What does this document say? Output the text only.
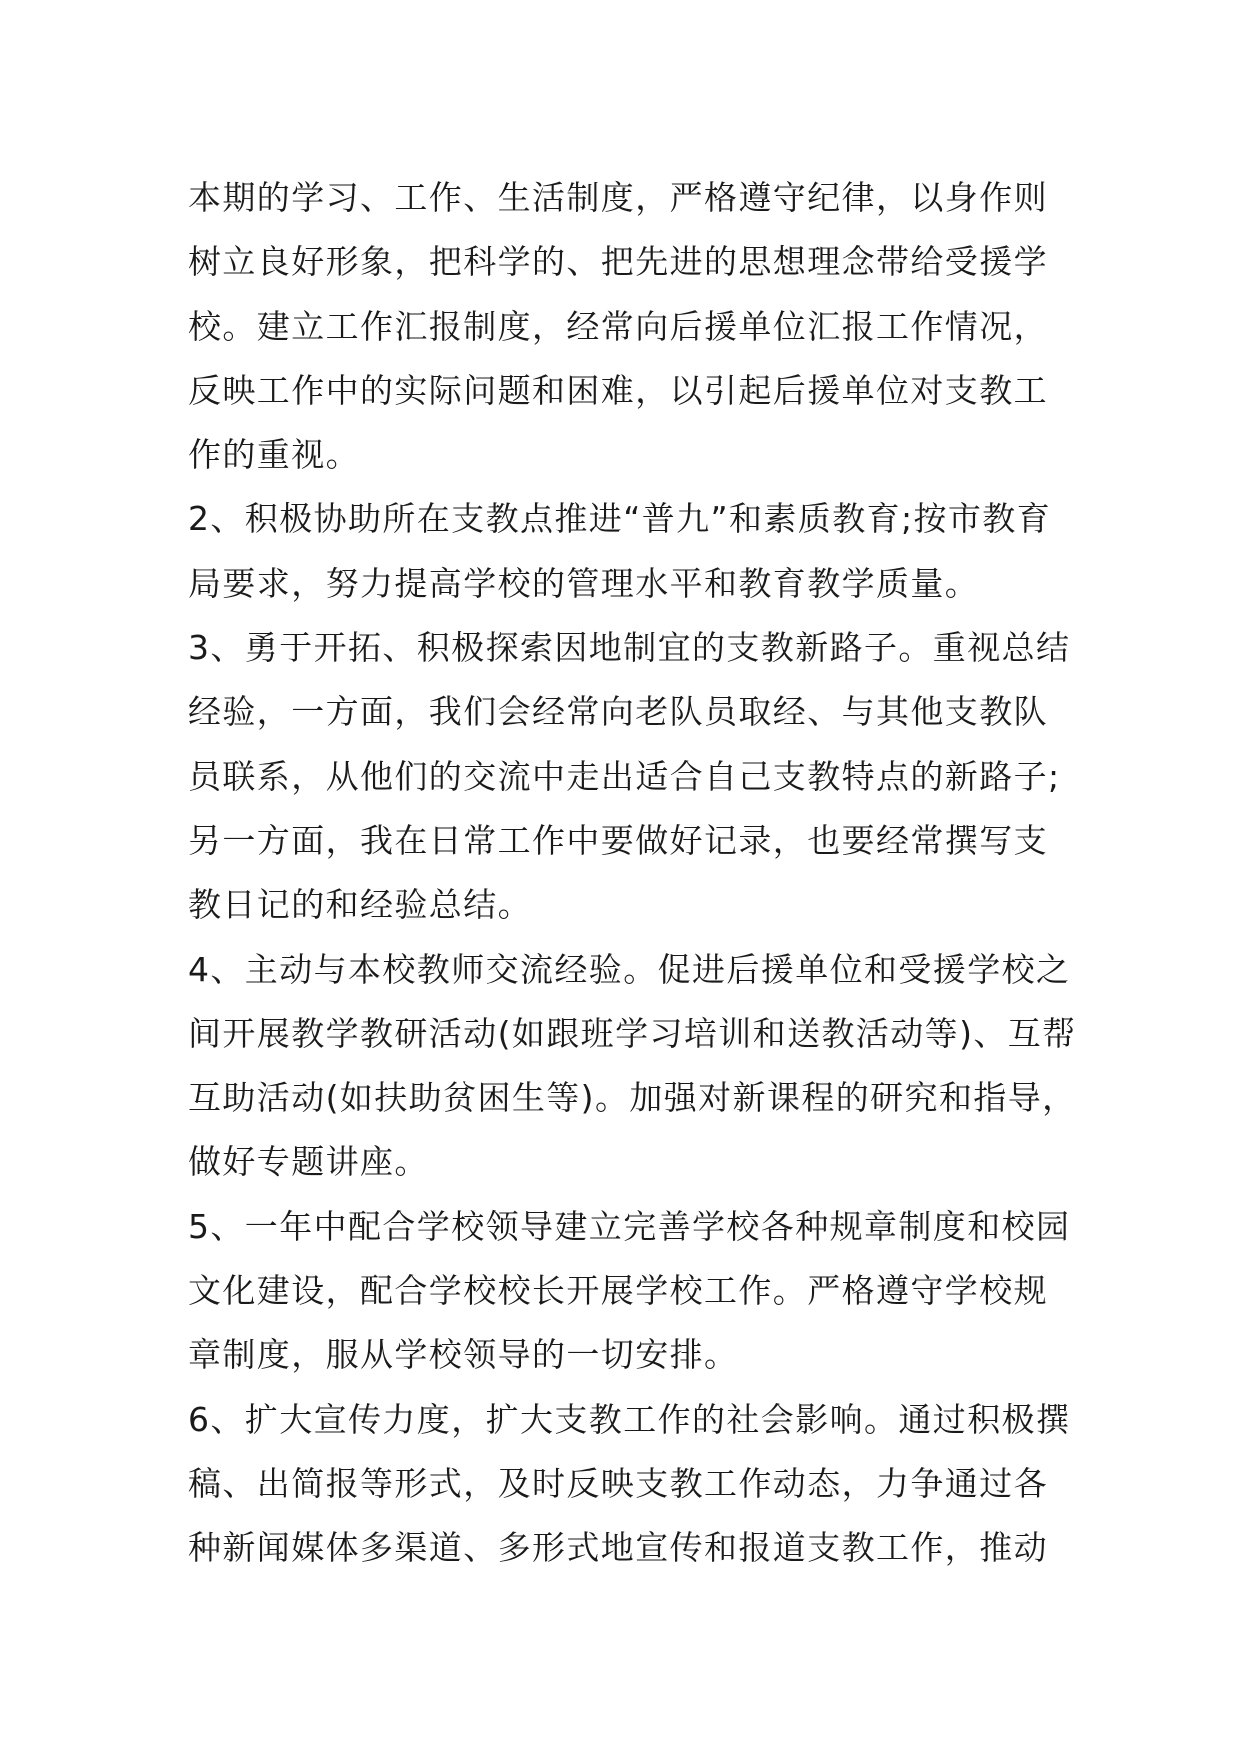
本期的学习、工作、生活制度，严格遵守纪律，以身作则
树立良好形象，把科学的、把先进的思想理念带给受援学
校。建立工作汇报制度，经常向后援单位汇报工作情况，
反映工作中的实际问题和困难，以引起后援单位对支教工
作的重视。
2、积极协助所在支教点推进“普九”和素质教育;按市教育
局要求，努力提高学校的管理水平和教育教学质量。
3、勇于开拓、积极探索因地制宜的支教新路子。重视总结
经验，一方面，我们会经常向老队员取经、与其他支教队
员联系，从他们的交流中走出适合自己支教特点的新路子;
另一方面，我在日常工作中要做好记录，也要经常撰写支
教日记的和经验总结。
4、主动与本校教师交流经验。促进后援单位和受援学校之
间开展教学教研活动(如跟班学习培训和送教活动等)、互帮
互助活动(如扶助贫困生等)。加强对新课程的研究和指导，
做好专题讲座。
5、一年中配合学校领导建立完善学校各种规章制度和校园
文化建设，配合学校校长开展学校工作。严格遵守学校规
章制度，服从学校领导的一切安排。
6、扩大宣传力度，扩大支教工作的社会影响。通过积极撰
稿、出简报等形式，及时反映支教工作动态，力争通过各
种新闻媒体多渠道、多形式地宣传和报道支教工作，推动
